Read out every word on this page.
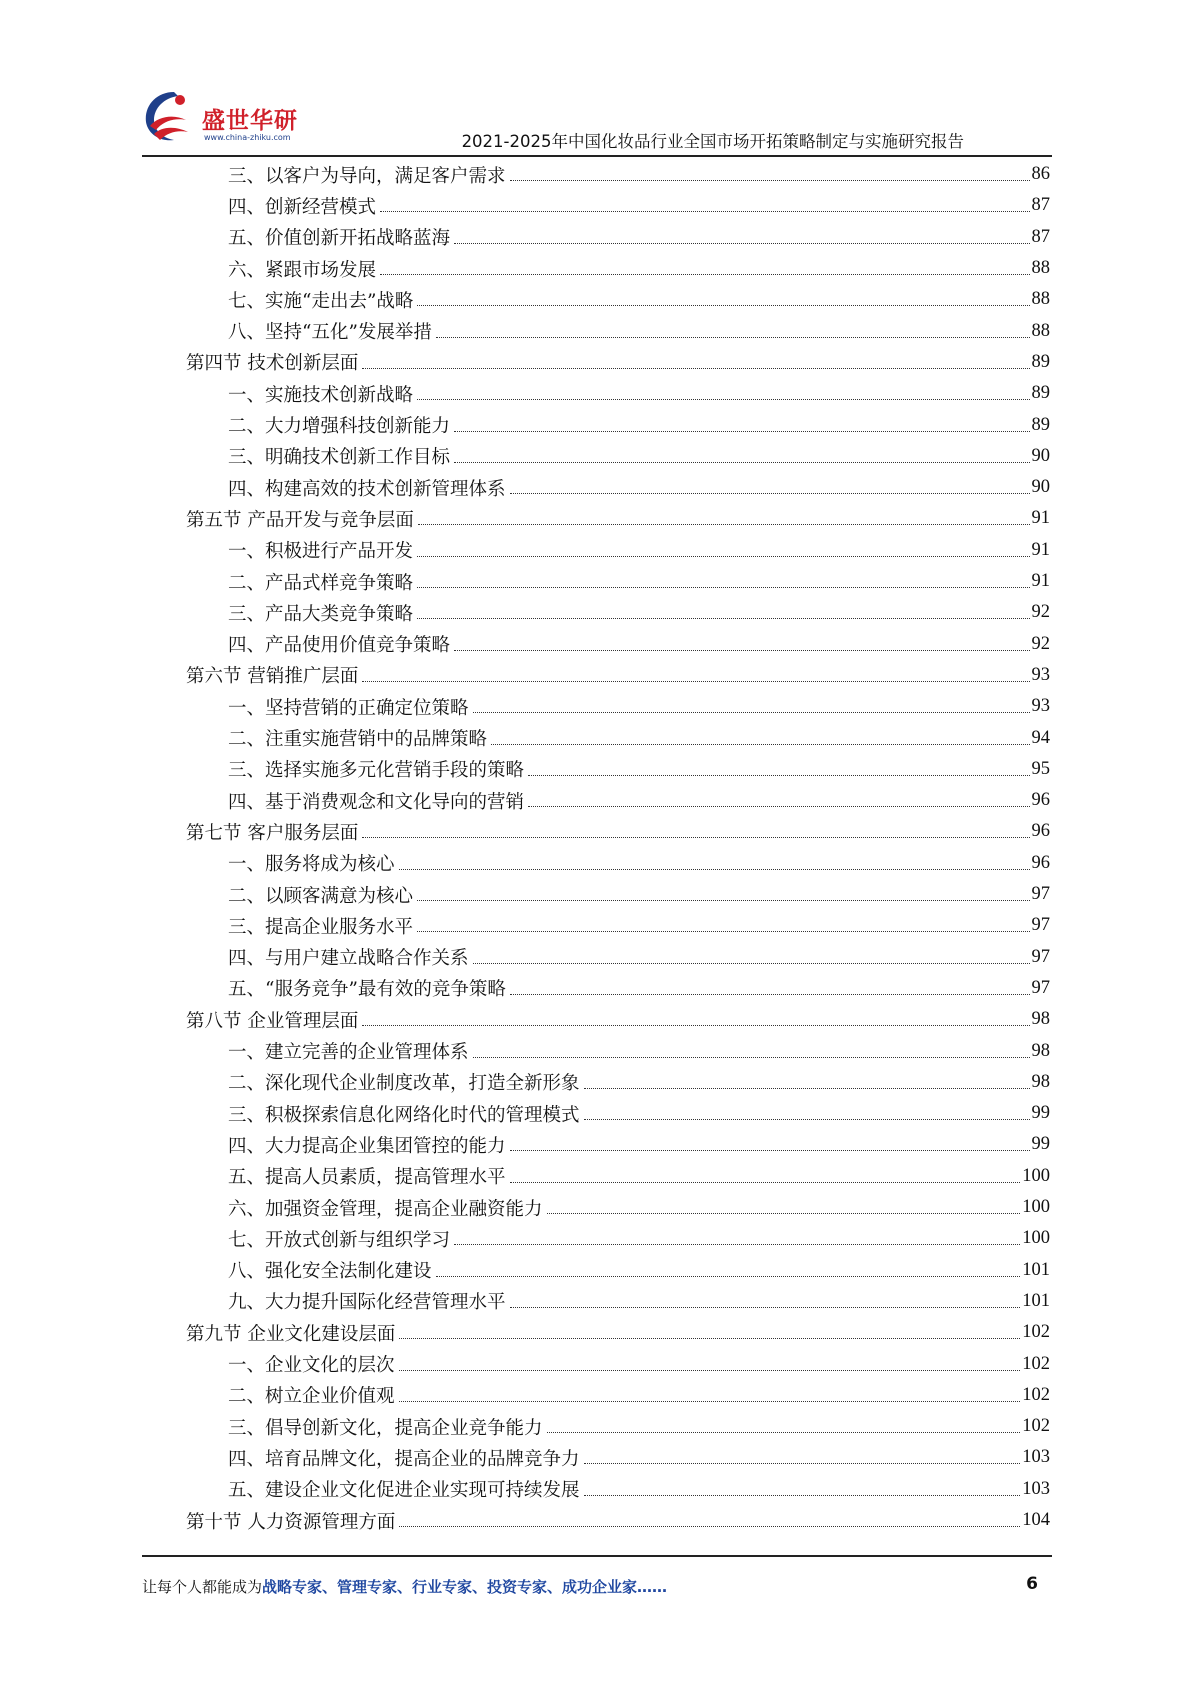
盛世华研
www.china-zhiku.com	2021-2025年中国化妆品行业全国市场开拓策略制定与实施研究报告
三、以客户为导向，满足客户需求	86
四、创新经营模式	87
五、价值创新开拓战略蓝海	87
六、紧跟市场发展	88
七、实施“走出去”战略	88
八、坚持“五化”发展举措	88
第四节 技术创新层面	89
一、实施技术创新战略	89
二、大力增强科技创新能力	89
三、明确技术创新工作目标	90
四、构建高效的技术创新管理体系	90
第五节 产品开发与竞争层面	91
一、积极进行产品开发	91
二、产品式样竞争策略	91
三、产品大类竞争策略	92
四、产品使用价值竞争策略	92
第六节 营销推广层面	93
一、坚持营销的正确定位策略	93
二、注重实施营销中的品牌策略	94
三、选择实施多元化营销手段的策略	95
四、基于消费观念和文化导向的营销	96
第七节 客户服务层面	96
一、服务将成为核心	96
二、以顾客满意为核心	97
三、提高企业服务水平	97
四、与用户建立战略合作关系	97
五、“服务竞争”最有效的竞争策略	97
第八节 企业管理层面	98
一、建立完善的企业管理体系	98
二、深化现代企业制度改革，打造全新形象	98
三、积极探索信息化网络化时代的管理模式	99
四、大力提高企业集团管控的能力	99
五、提高人员素质，提高管理水平	100
六、加强资金管理，提高企业融资能力	100
七、开放式创新与组织学习	100
八、强化安全法制化建设	101
九、大力提升国际化经营管理水平	101
第九节 企业文化建设层面	102
一、企业文化的层次	102
二、树立企业价值观	102
三、倡导创新文化，提高企业竞争能力	102
四、培育品牌文化，提高企业的品牌竞争力	103
五、建设企业文化促进企业实现可持续发展	103
第十节 人力资源管理方面	104
让每个人都能成为战略专家、管理专家、行业专家、投资专家、成功企业家……	6
